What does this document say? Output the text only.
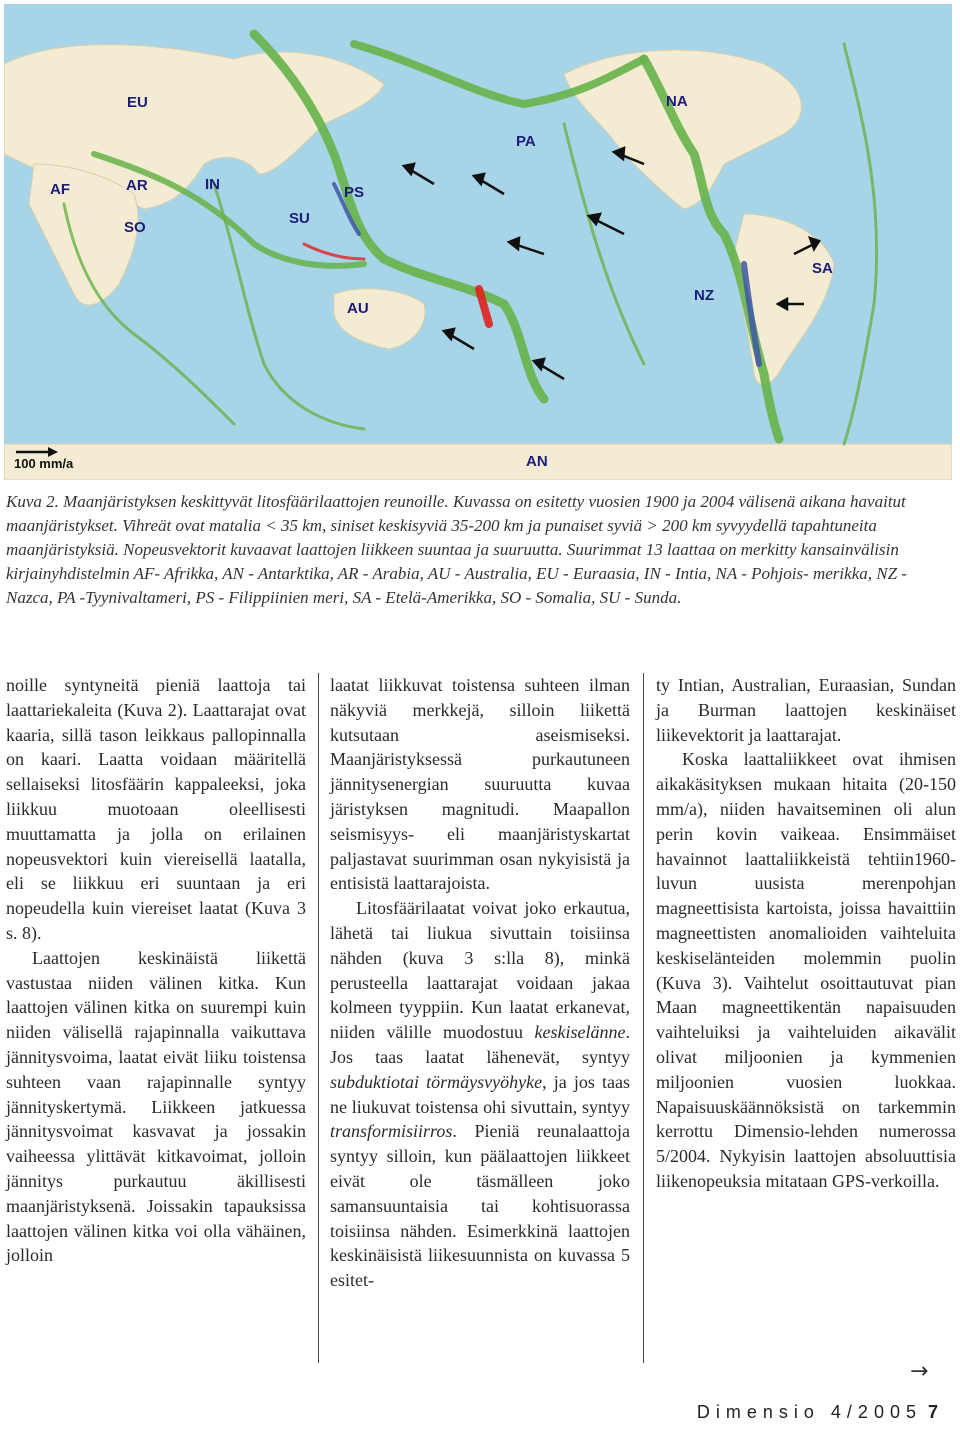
EU
AF	AR	IN
SO
SU
PS
AU
PA
NA
SA
NZ
AN
100 mm/a

Kuva 2. Maanjäristyksen keskittyvät litosfäärilaattojen reunoille. Kuvassa on esitetty vuosien 1900 ja 2004 välisenä aikana havaitut maanjäristykset. Vihreät ovat matalia < 35 km, siniset keskisyviä 35-200 km ja punaiset syviä > 200 km syvyydellä tapahtuneita maanjäristyksiä. Nopeusvektorit kuvaavat laattojen liikkeen suuntaa ja suuruutta. Suurimmat 13 laattaa on merkitty kansainvälisin kirjainyhdistelmin AF- Afrikka, AN - Antarktika, AR - Arabia, AU - Australia, EU - Euraasia, IN - Intia, NA - Pohjois- merikka, NZ - Nazca, PA -Tyynivaltameri, PS - Filippiinien meri, SA - Etelä-Amerikka, SO - Somalia, SU - Sunda.

noille syntyneitä pieniä laattoja tai laattariekaleita (Kuva 2). Laattarajat ovat kaaria, sillä tason leikkaus pallopinnalla on kaari. Laatta voidaan määritellä sellaiseksi litosfäärin kappaleeksi, joka liikkuu muotoaan oleellisesti muuttamatta ja jolla on erilainen nopeusvektori kuin viereisellä laatalla, eli se liikkuu eri suuntaan ja eri nopeudella kuin viereiset laatat (Kuva 3 s. 8).

Laattojen keskinäistä liikettä vastustaa niiden välinen kitka. Kun laattojen välinen kitka on suurempi kuin niiden välisellä rajapinnalla vaikuttava jännitysvoima, laatat eivät liiku toistensa suhteen vaan rajapinnalle syntyy jännityskertymä. Liikkeen jatkuessa jännitysvoimat kasvavat ja jossakin vaiheessa ylittävät kitkavoimat, jolloin jännitys purkautuu äkillisesti maanjäristyksenä. Joissakin tapauksissa laattojen välinen kitka voi olla vähäinen, jolloin

laatat liikkuvat toistensa suhteen ilman näkyviä merkkejä, silloin liikettä kutsutaan aseismiseksi. Maanjäristyksessä purkautuneen jännitysenergian suuruutta kuvaa järistyksen magnitudi. Maapallon seismisyys- eli maanjäristyskartat paljastavat suurimman osan nykyisistä ja entisistä laattarajoista.

Litosfäärilaatat voivat joko erkautua, lähetä tai liukua sivuttain toisiinsa nähden (kuva 3 s:lla 8), minkä perusteella laattarajat voidaan jakaa kolmeen tyyppiin. Kun laatat erkanevat, niiden välille muodostuu keskiselänne. Jos taas laatat lähenevät, syntyy subduktiotai törmäysvyöhyke, ja jos taas ne liukuvat toistensa ohi sivuttain, syntyy transformisiirros. Pieniä reunalaattoja syntyy silloin, kun päälaattojen liikkeet eivät ole täsmälleen joko samansuuntaisia tai kohtisuorassa toisiinsa nähden. Esimerkkinä laattojen keskinäisistä liikesuunnista on kuvassa 5 esitet-

ty Intian, Australian, Euraasian, Sundan ja Burman laattojen keskinäiset liikevektorit ja laattarajat.

Koska laattaliikkeet ovat ihmisen aikakäsityksen mukaan hitaita (20-150 mm/a), niiden havaitseminen oli alun perin kovin vaikeaa. Ensimmäiset havainnot laattaliikkeistä tehtiin1960-luvun uusista merenpohjan magneettisista kartoista, joissa havaittiin magneettisten anomalioiden vaihteluita keskiselänteiden molemmin puolin (Kuva 3). Vaihtelut osoittautuvat pian Maan magneettikentän napaisuuden vaihteluiksi ja vaihteluiden aikavälit olivat miljoonien ja kymmenien miljoonien vuosien luokkaa. Napaisuuskäännöksistä on tarkemmin kerrottu Dimensio-lehden numerossa 5/2004. Nykyisin laattojen absoluuttisia liikenopeuksia mitataan GPS-verkoilla.

→
Dimensio 4/2005 7
